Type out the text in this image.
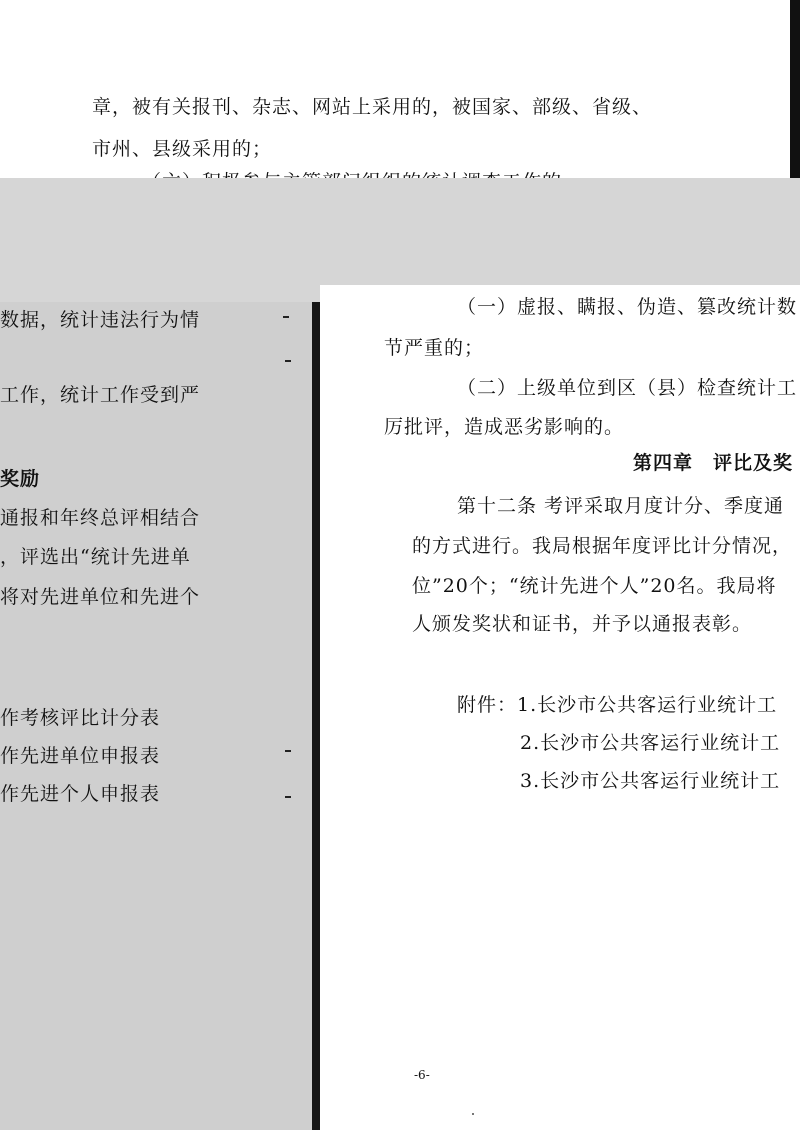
章，被有关报刊、杂志、网站上采用的，被国家、部级、省级、
市州、县级采用的；
数据，统计违法行为情
工作，统计工作受到严
奖励
通报和年终总评相结合
，评选出“统计先进单
将对先进单位和先进个
作考核评比计分表
作先进单位申报表
作先进个人申报表
（一）虚报、瞒报、伪造、篡改统计数
节严重的；
（二）上级单位到区（县）检查统计工
厉批评，造成恶劣影响的。
第四章　评比及奖
第十二条 考评采取月度计分、季度通
的方式进行。我局根据年度评比计分情况，
位”20个；“统计先进个人”20名。我局将
人颁发奖状和证书，并予以通报表彰。
附件：1.长沙市公共客运行业统计工
2.长沙市公共客运行业统计工
3.长沙市公共客运行业统计工
-6-
